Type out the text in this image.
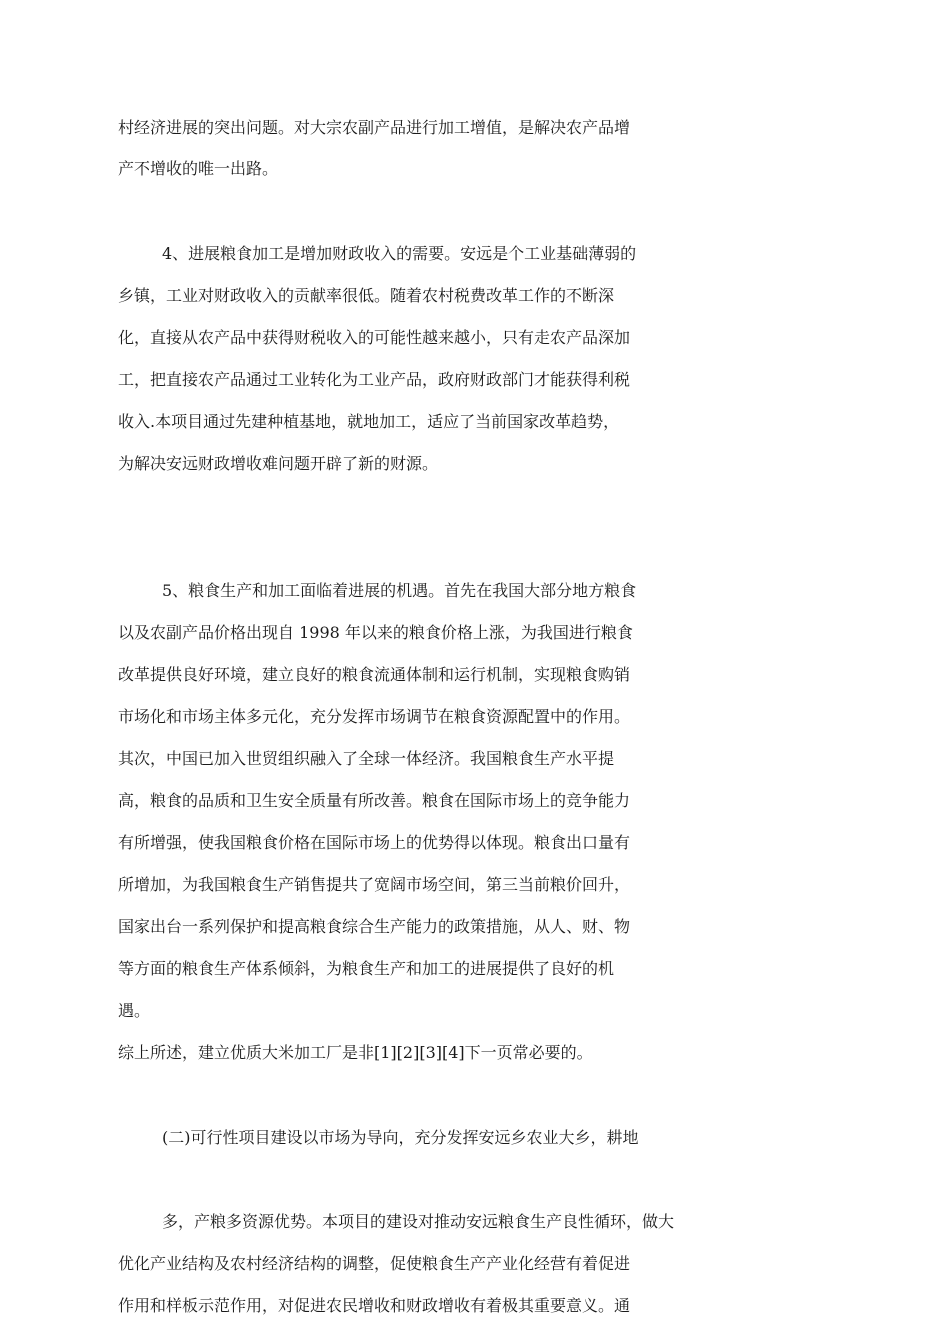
村经济进展的突出问题。对大宗农副产品进行加工增值，是解决农产品增

产不增收的唯一出路。

4、进展粮食加工是增加财政收入的需要。安远是个工业基础薄弱的

乡镇，工业对财政收入的贡献率很低。随着农村税费改革工作的不断深

化，直接从农产品中获得财税收入的可能性越来越小，只有走农产品深加

工，把直接农产品通过工业转化为工业产品，政府财政部门才能获得利税

收入.本项目通过先建种植基地，就地加工，适应了当前国家改革趋势，

为解决安远财政增收难问题开辟了新的财源。

5、粮食生产和加工面临着进展的机遇。首先在我国大部分地方粮食

以及农副产品价格出现自 1998 年以来的粮食价格上涨，为我国进行粮食

改革提供良好环境，建立良好的粮食流通体制和运行机制，实现粮食购销

市场化和市场主体多元化，充分发挥市场调节在粮食资源配置中的作用。

其次，中国已加入世贸组织融入了全球一体经济。我国粮食生产水平提

高，粮食的品质和卫生安全质量有所改善。粮食在国际市场上的竞争能力

有所增强，使我国粮食价格在国际市场上的优势得以体现。粮食出口量有

所增加，为我国粮食生产销售提共了宽阔市场空间，第三当前粮价回升，

国家出台一系列保护和提高粮食综合生产能力的政策措施，从人、财、物

等方面的粮食生产体系倾斜，为粮食生产和加工的进展提供了良好的机

遇。

综上所述，建立优质大米加工厂是非[1][2][3][4]下一页常必要的。

(二)可行性项目建设以市场为导向，充分发挥安远乡农业大乡，耕地

多，产粮多资源优势。本项目的建设对推动安远粮食生产良性循环，做大

优化产业结构及农村经济结构的调整，促使粮食生产产业化经营有着促进

作用和样板示范作用，对促进农民增收和财政增收有着极其重要意义。通
